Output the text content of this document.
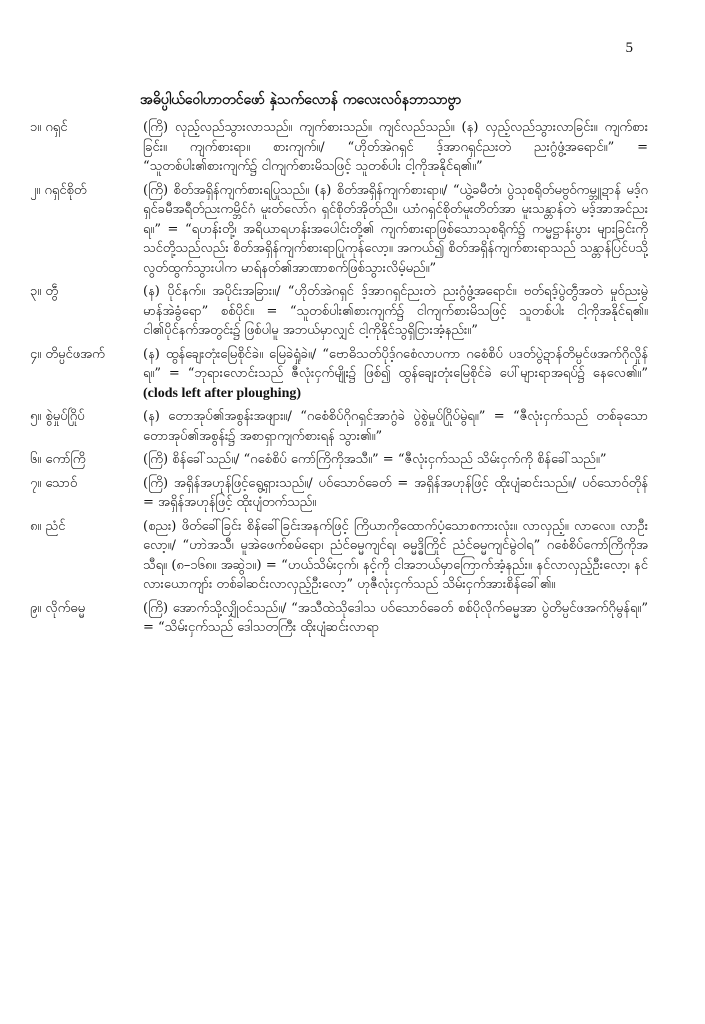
5
အဓိပ္ပါယ်ဝေါဟာတင်ဖော် နှဲသက်လောန် ကလေးလဝ်နဘာသာဗွာ
၁။ ဂရှင်	(ကြိ) လုည့်လည်သွားလာသည်။ ကျက်စားသည်။ ကျင်လည်သည်။ (န) လှည့်လည်သွားလာခြင်း။ ကျက်စားခြင်း။ ကျက်စားရာ။ စားကျက်။/ “ဟိုတ်အဲဂရှင် ဒ့်အာဂရှင်ညးတဲ ညးဂွံဖွံ့အရောင်။” = “သူတစ်ပါး၏စားကျက်၌ ငါကျက်စားမိသဖြင့် သူတစ်ပါး ငါ့ကိုအနိုင်ရ၏။”
၂။ ဂရှင်စိုတ်	(ကြိ) စိတ်အရှိန်ကျက်စားရပြုသည်။ (န) စိတ်အရှိန်ကျက်စားရာ။/ “ယွဲ့ခမီတံ၊ ပွဲသုစရိုတ်မဗွဝ်ကမ္ဘူဍာန် မဒ့်ဂရှင်ခမီအရီတ်ညးကမ္ဘိင်ဂံ မူးတ်လော်ဂ ရှင်စိုတ်အိုတ်ညိ။ ယာံဂရှင်စိုတ်မူးတိတ်အာ မူးသန္တာန်တဲ မဒ့်အာအင်ညးရ။” = “ရဟန်းတို့၊ အရိယာရဟန်းအပေါင်းတို့၏ ကျက်စားရာဖြစ်သောသုစရိုက်၌ ကမ္မဋ္ဌာန်းပွား များခြင်းကို သင်တို့သည်လည်း စိတ်အရှိန်ကျက်စားရာပြုကုန်လော့။ အကယ်၍ စိတ်အရှိန်ကျက်စားရာသည် သန္တာန်ပြင်ပသို့ လွတ်ထွက်သွားပါက မာရ်နတ်၏အာဏာစက်ဖြစ်သွားလိမ့်မည်။”
၃။ တွဵ	(န) ပိုင်နက်။ အပိုင်းအခြား။/ “ဟိုတ်အဲဂရှင် ဒ့်အာဂရှင်ညးတဲ ညးဂွံဖွံ့အရောင်။ ဗတ်ရဒ့်ပွဲတွဵအတဲ မှုဝ်ညးမွဲ မာန်အဲခွံရော” စစ်ပိုင်။ = “သူတစ်ပါး၏စားကျက်၌ ငါကျက်စားမိသဖြင့် သူတစ်ပါး ငါ့ကိုအနိုင်ရ၏။ ငါ၏ပိုင်နက်အတွင်း၌ ဖြစ်ပါမူ အဘယ်မှာလျှင် ငါ့ကိုနိုင်သွရှိငြားအံ့နည်း။”
၄။ တိမ္ပင်ဖအက်	(န) ထွန်ချေးတုံးမြေစိုင်ခဲ။ မြေခဲရှုံခဲ။/ “ဗောဓိသတ်ပိုဒ့်ဂစေံလာပကာ ဂစေံစိပ် ပဒတ်ပွဲဍာန်တိမ္ပင်ဖအက်ဂိုလှိုန်ရ။” = “ဘုရားလောင်းသည် ဇီလုံးငှက်မျိုး၌ ဖြစ်၍ ထွန်ချေးတုံးမြေစိုင်ခဲ ပေါ်များရာအရပ်၌ နေလေ၏။” (clods left after ploughing)
၅။ စွဲမှုပ်ဂြိုပ်	(န) တောအုပ်၏အစွန်းအဖျား။/ “ဂစေံစိပ်ဂိုဂရှင်အာဂွံခဲ ပွဲစွဲမှုပ်ဂြိုပ်မွဲရ။” = “ဇီလုံးငှက်သည် တစ်ခုသောတောအုပ်၏အစွန်း၌ အစာရှာကျက်စားရန် သွား၏။”
၆။ ကော်ကြိ	(ကြိ) စိန်ခေါ်သည်။/ “ဂစေံစိပ် ကော်ကြိကိုအသီ။” = “ဇီလုံးငှက်သည် သိမ်းငှက်ကို စိန်ခေါ်သည်။”
၇။ သောဝ်	(ကြိ) အရှိန်အဟုန်ဖြင့်ရွေ့ရှားသည်။/ ပဝ်သောဝ်ခေတ် = အရှိန်အဟုန်ဖြင့် ထိုးပျံဆင်းသည်။/ ပဝ်သောဝ်တိုန် = အရှိန်အဟုန်ဖြင့် ထိုးပျံတက်သည်။
၈။ ညံင်	(စညး) ဖိတ်ခေါ်ခြင်း စိန်ခေါ်ခြင်းအနက်ဖြင့် ကြိယာကိုထောက်ပံ့သောစကားလုံး။ လာလှည့်။ လာလေ။ လာဦးလော့။/ “ဟာဲအသီ၊ မူအဲဖေက်စမ်ရော၊ ညံင်ဓမ္မကျင်ရ၊ ဓမ္မဒ္ဓိကြိုင် ညံင်ဓမ္မကျင်မွဲဝါရ” ဂစေံစိပ်ကော်ကြိကိုအသီရ။ (၈–၁၆၈။ အဆွဲ၁။) = “ဟယ်သိမ်းငှက်၊ နင့်ကို ငါအဘယ်မှာကြောက်အံ့နည်း။ နင်လာလှည့်ဦးလော့၊ နင်လားယောကျာ်း တစ်ခါဆင်းလာလှည့်ဦးလော့” ဟုဇီလုံးငှက်သည် သိမ်းငှက်အားစိန်ခေါ်၏။
၉။ လိုက်ဓမ္မ	(ကြိ) အောက်သို့လျှိုဝင်သည်။/ “အသီထဲသိုဒေါသ ပဝ်သောဝ်ခေတ် စစ်ပိုလိုက်ဓမ္မအာ ပွဲတိမ္ပင်ဖအက်ဂိုမွန်ရ။” = “သိမ်းငှက်သည် ဒေါသတကြီး ထိုးပျံဆင်းလာရာ
